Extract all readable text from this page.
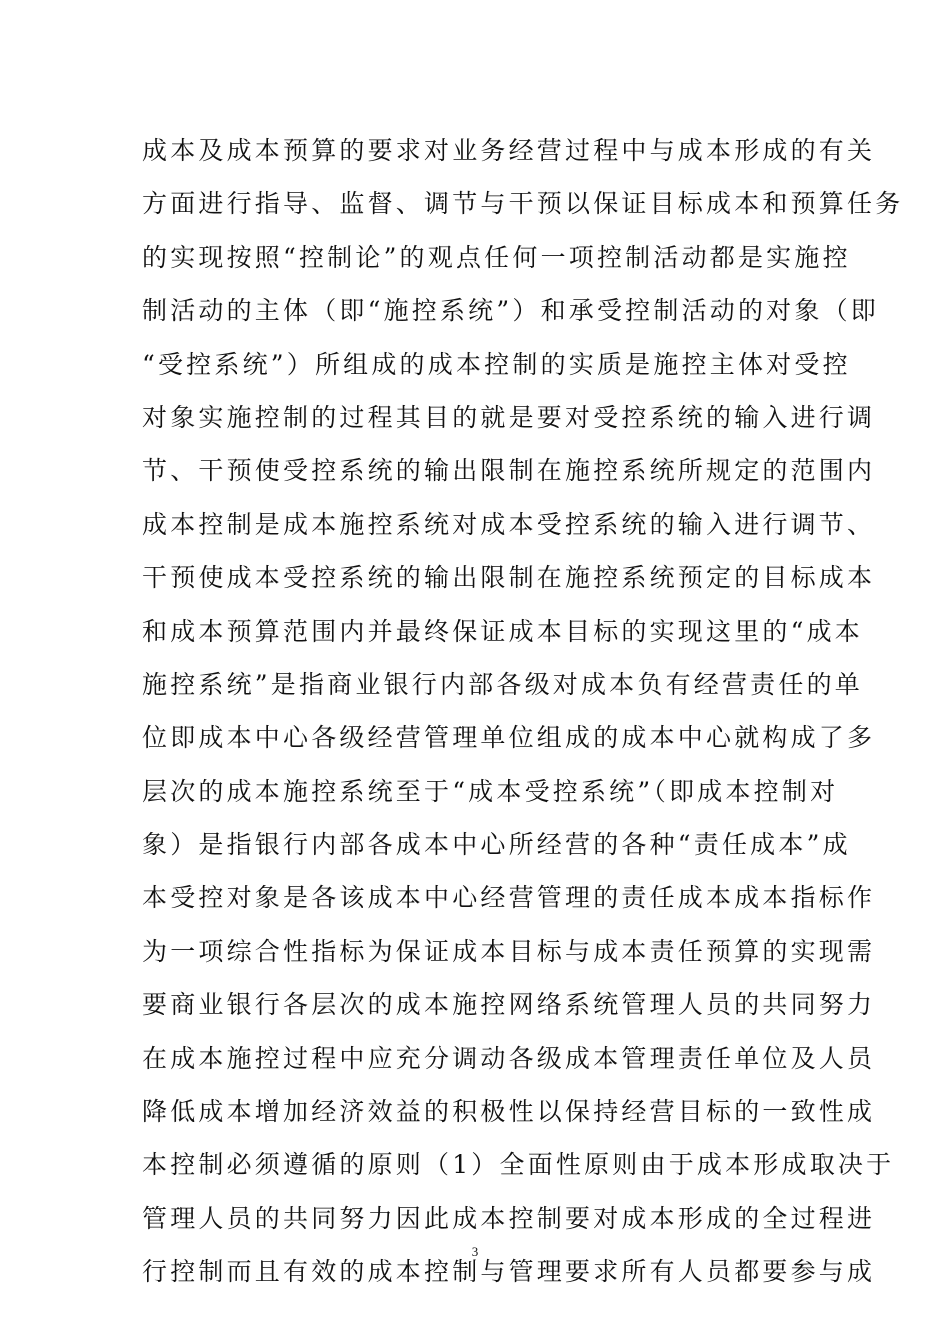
成本及成本预算的要求对业务经营过程中与成本形成的有关
方面进行指导、监督、调节与干预以保证目标成本和预算任务
的实现按照“控制论”的观点任何一项控制活动都是实施控
制活动的主体（即“施控系统”）和承受控制活动的对象（即
“受控系统”）所组成的成本控制的实质是施控主体对受控
对象实施控制的过程其目的就是要对受控系统的输入进行调
节、干预使受控系统的输出限制在施控系统所规定的范围内
成本控制是成本施控系统对成本受控系统的输入进行调节、
干预使成本受控系统的输出限制在施控系统预定的目标成本
和成本预算范围内并最终保证成本目标的实现这里的“成本
施控系统”是指商业银行内部各级对成本负有经营责任的单
位即成本中心各级经营管理单位组成的成本中心就构成了多
层次的成本施控系统至于“成本受控系统”（即成本控制对
象）是指银行内部各成本中心所经营的各种“责任成本”成
本受控对象是各该成本中心经营管理的责任成本成本指标作
为一项综合性指标为保证成本目标与成本责任预算的实现需
要商业银行各层次的成本施控网络系统管理人员的共同努力
在成本施控过程中应充分调动各级成本管理责任单位及人员
降低成本增加经济效益的积极性以保持经营目标的一致性成
本控制必须遵循的原则（1）全面性原则由于成本形成取决于
管理人员的共同努力因此成本控制要对成本形成的全过程进
行控制而且有效的成本控制与管理要求所有人员都要参与成
3
